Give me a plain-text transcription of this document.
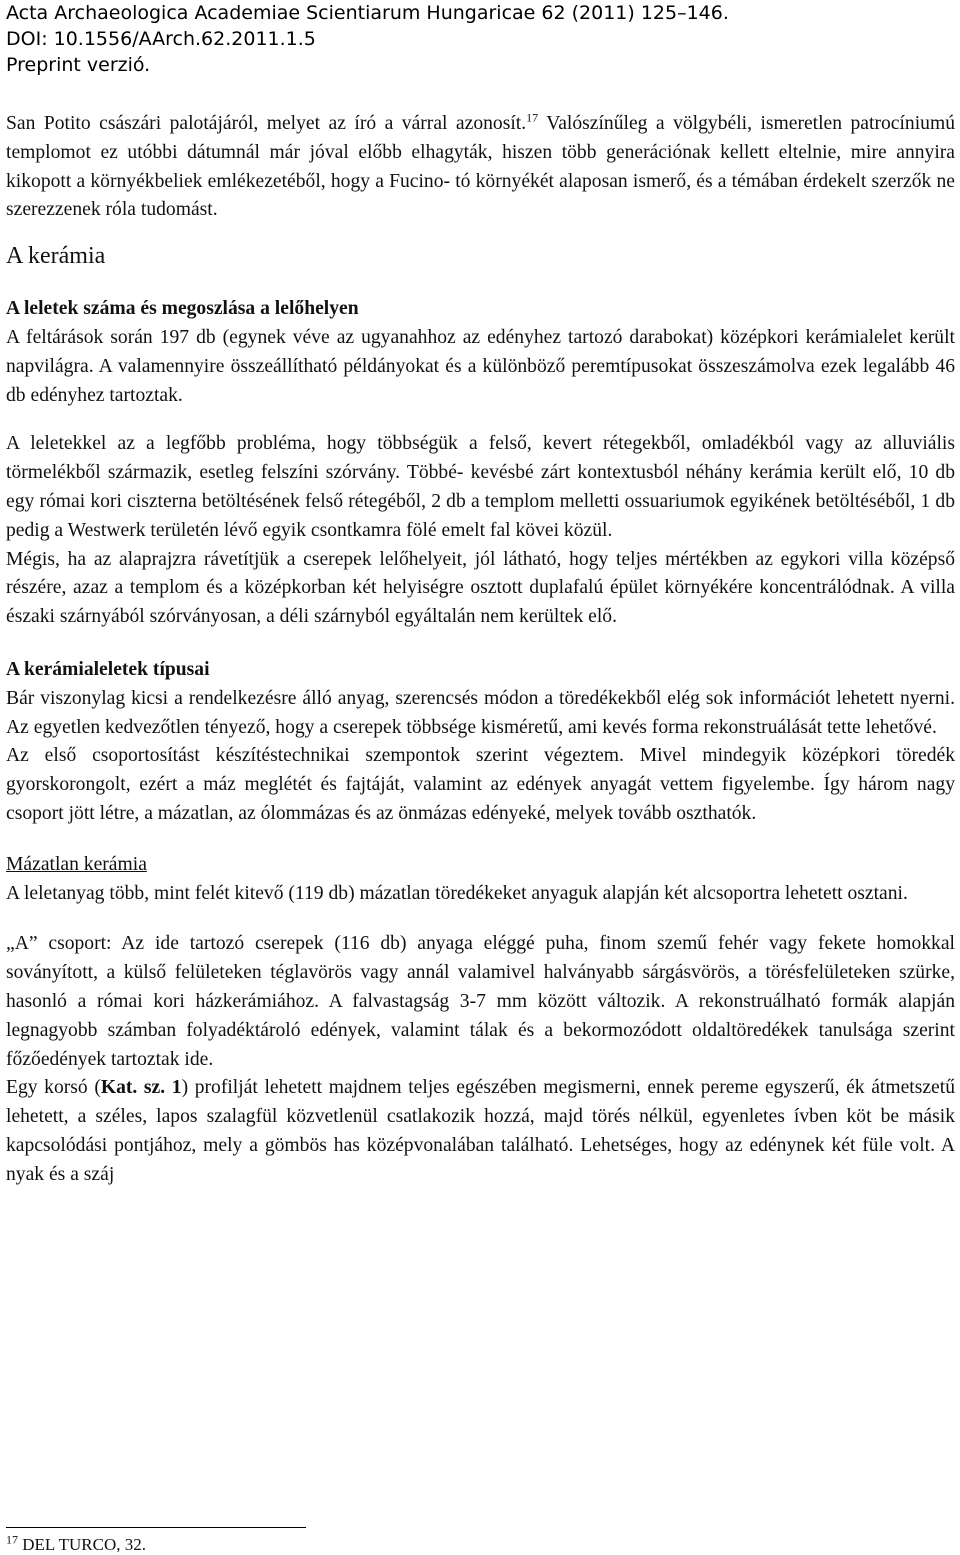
Acta Archaeologica Academiae Scientiarum Hungaricae 62 (2011) 125–146.
DOI: 10.1556/AArch.62.2011.1.5
Preprint verzió.

San Potito császári palotájáról, melyet az író a várral azonosít.$^{17}$ Valószínűleg a völgybéli, ismeretlen patrocíniumú templomot ez utóbbi dátumnál már jóval előbb elhagyták, hiszen több generációnak kellett eltelnie, mire annyira kikopott a környékbeliek emlékezetéből, hogy a Fucino- tó környékét alaposan ismerő, és a témában érdekelt szerzők ne szerezzenek róla tudomást.

A kerámia
A leletek száma és megoszlása a lelőhelyen

A feltárások során 197 db (egynek véve az ugyanahhoz az edényhez tartozó darabokat) középkori kerámialelet került napvilágra. A valamennyire összeállítható példányokat és a különböző peremtípusokat összeszámolva ezek legalább 46 db edényhez tartoztak.

A leletekkel az a legfőbb probléma, hogy többségük a felső, kevert rétegekből, omladékból vagy az alluviális törmelékből származik, esetleg felszíni szórvány. Többé- kevésbé zárt kontextusból néhány kerámia került elő, 10 db egy római kori ciszterna betöltésének felső rétegéből, 2 db a templom melletti ossuariumok egyikének betöltéséből, 1 db pedig a Westwerk területén lévő egyik csontkamra fölé emelt fal kövei közül.

Mégis, ha az alaprajzra rávetítjük a cserepek lelőhelyeit, jól látható, hogy teljes mértékben az egykori villa középső részére, azaz a templom és a középkorban két helyiségre osztott duplafalú épület környékére koncentrálódnak. A villa északi szárnyából szórványosan, a déli szárnyból egyáltalán nem kerültek elő.

A kerámialeletek típusai

Bár viszonylag kicsi a rendelkezésre álló anyag, szerencsés módon a töredékekből elég sok információt lehetett nyerni. Az egyetlen kedvezőtlen tényező, hogy a cserepek többsége kisméretű, ami kevés forma rekonstruálását tette lehetővé.

Az első csoportosítást készítéstechnikai szempontok szerint végeztem. Mivel mindegyik középkori töredék gyorskorongolt, ezért a máz meglétét és fajtáját, valamint az edények anyagát vettem figyelembe. Így három nagy csoport jött létre, a mázatlan, az ólommázas és az önmázas edényeké, melyek tovább oszthatók.

Mázatlan kerámia

A leletanyag több, mint felét kitevő (119 db) mázatlan töredékeket anyaguk alapján két alcsoportra lehetett osztani.

„A” csoport: Az ide tartozó cserepek (116 db) anyaga eléggé puha, finom szemű fehér vagy fekete homokkal soványított, a külső felületeken téglavörös vagy annál valamivel halványabb sárgásvörös, a törésfelületeken szürke, hasonló a római kori házkerámiához. A falvastagság 3-7 mm között változik. A rekonstruálható formák alapján legnagyobb számban folyadéktároló edények, valamint tálak és a bekormozódott oldaltöredékek tanulsága szerint főzőedények tartoztak ide.

Egy korsó (Kat. sz. 1) profilját lehetett majdnem teljes egészében megismerni, ennek pereme egyszerű, ék átmetszetű lehetett, a széles, lapos szalagfül közvetlenül csatlakozik hozzá, majd törés nélkül, egyenletes ívben köt be másik kapcsolódási pontjához, mely a gömbös has középvonalában található. Lehetséges, hogy az edénynek két füle volt. A nyak és a száj

$^{17}$ DEL TURCO, 32.
